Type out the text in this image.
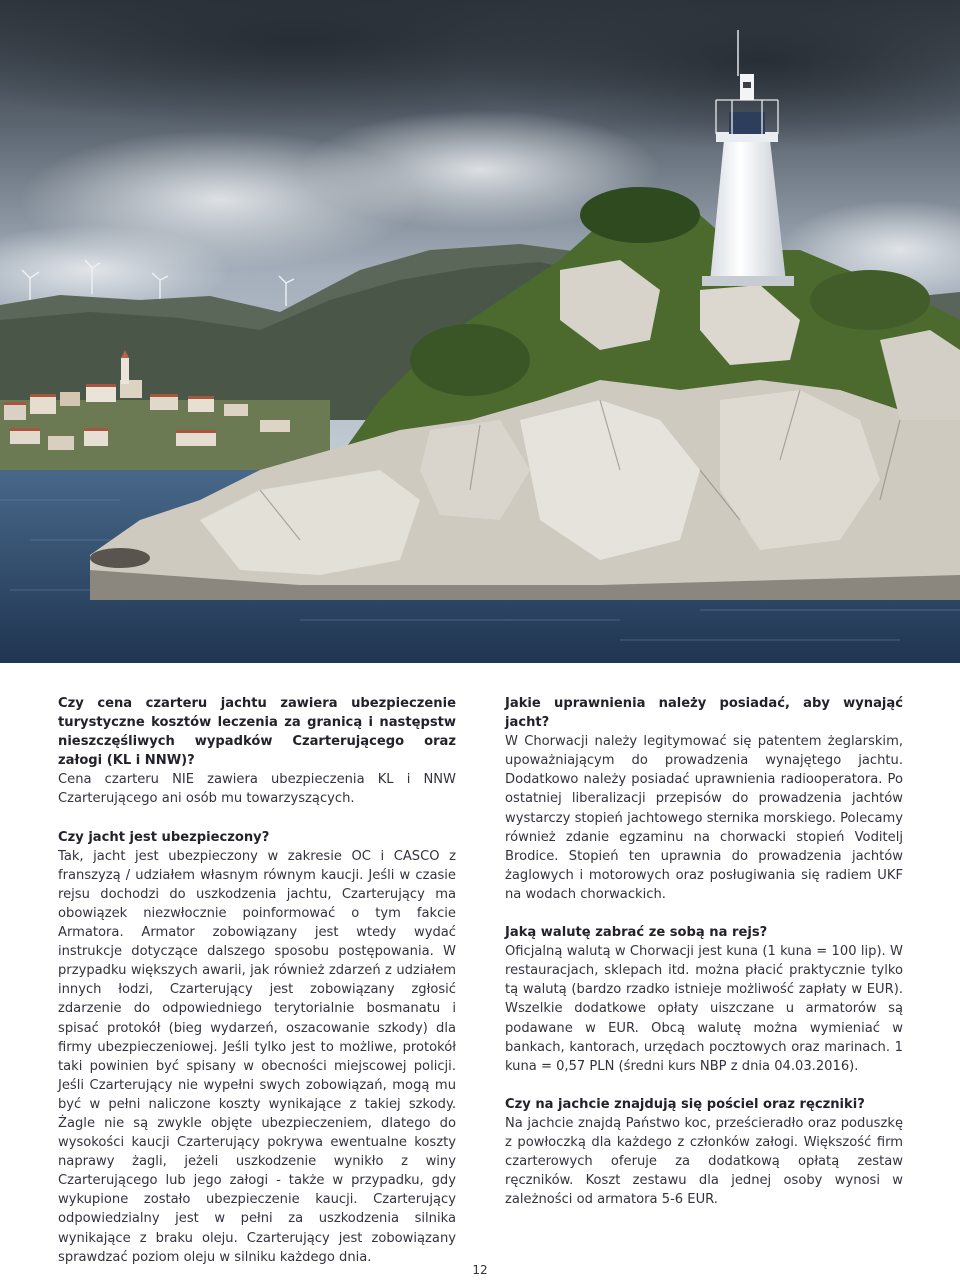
Czy cena czarteru jachtu zawiera ubezpieczenie turystyczne kosztów leczenia za granicą i następstw nieszczęśliwych wypadków Czarterującego oraz załogi (KL i NNW)?

Cena czarteru NIE zawiera ubezpieczenia KL i NNW Czarterującego ani osób mu towarzyszących.

Czy jacht jest ubezpieczony?

Tak, jacht jest ubezpieczony w zakresie OC i CASCO z franszyzą / udziałem własnym równym kaucji. Jeśli w czasie rejsu dochodzi do uszkodzenia jachtu, Czarterujący ma obowiązek niezwłocznie poinformować o tym fakcie Armatora. Armator zobowiązany jest wtedy wydać instrukcje dotyczące dalszego sposobu postępowania. W przypadku większych awarii, jak również zdarzeń z udziałem innych łodzi, Czarterujący jest zobowiązany zgłosić zdarzenie do odpowiedniego terytorialnie bosmanatu i spisać protokół (bieg wydarzeń, oszacowanie szkody) dla firmy ubezpieczeniowej. Jeśli tylko jest to możliwe, protokół taki powinien być spisany w obecności miejscowej policji. Jeśli Czarterujący nie wypełni swych zobowiązań, mogą mu być w pełni naliczone koszty wynikające z takiej szkody. Żagle nie są zwykle objęte ubezpieczeniem, dlatego do wysokości kaucji Czarterujący pokrywa ewentualne koszty naprawy żagli, jeżeli uszkodzenie wynikło z winy Czarterującego lub jego załogi - także w przypadku, gdy wykupione zostało ubezpieczenie kaucji. Czarterujący odpowiedzialny jest w pełni za uszkodzenia silnika wynikające z braku oleju. Czarterujący jest zobowiązany sprawdzać poziom oleju w silniku każdego dnia.

Jakie uprawnienia należy posiadać, aby wynająć jacht?

W Chorwacji należy legitymować się patentem żeglarskim, upoważniającym do prowadzenia wynajętego jachtu. Dodatkowo należy posiadać uprawnienia radiooperatora. Po ostatniej liberalizacji przepisów do prowadzenia jachtów wystarczy stopień jachtowego sternika morskiego. Polecamy również zdanie egzaminu na chorwacki stopień Voditelj Brodice. Stopień ten uprawnia do prowadzenia jachtów żaglowych i motorowych oraz posługiwania się radiem UKF na wodach chorwackich.

Jaką walutę zabrać ze sobą na rejs?

Oficjalną walutą w Chorwacji jest kuna (1 kuna = 100 lip). W restauracjach, sklepach itd. można płacić praktycznie tylko tą walutą (bardzo rzadko istnieje możliwość zapłaty w EUR). Wszelkie dodatkowe opłaty uiszczane u armatorów są podawane w EUR. Obcą walutę można wymieniać w bankach, kantorach, urzędach pocztowych oraz marinach. 1 kuna = 0,57 PLN (średni kurs NBP z dnia 04.03.2016).

Czy na jachcie znajdują się pościel oraz ręczniki?

Na jachcie znajdą Państwo koc, prześcieradło oraz poduszkę z powłoczką dla każdego z członków załogi. Większość firm czarterowych oferuje za dodatkową opłatą zestaw ręczników. Koszt zestawu dla jednej osoby wynosi w zależności od armatora 5-6 EUR.

12
